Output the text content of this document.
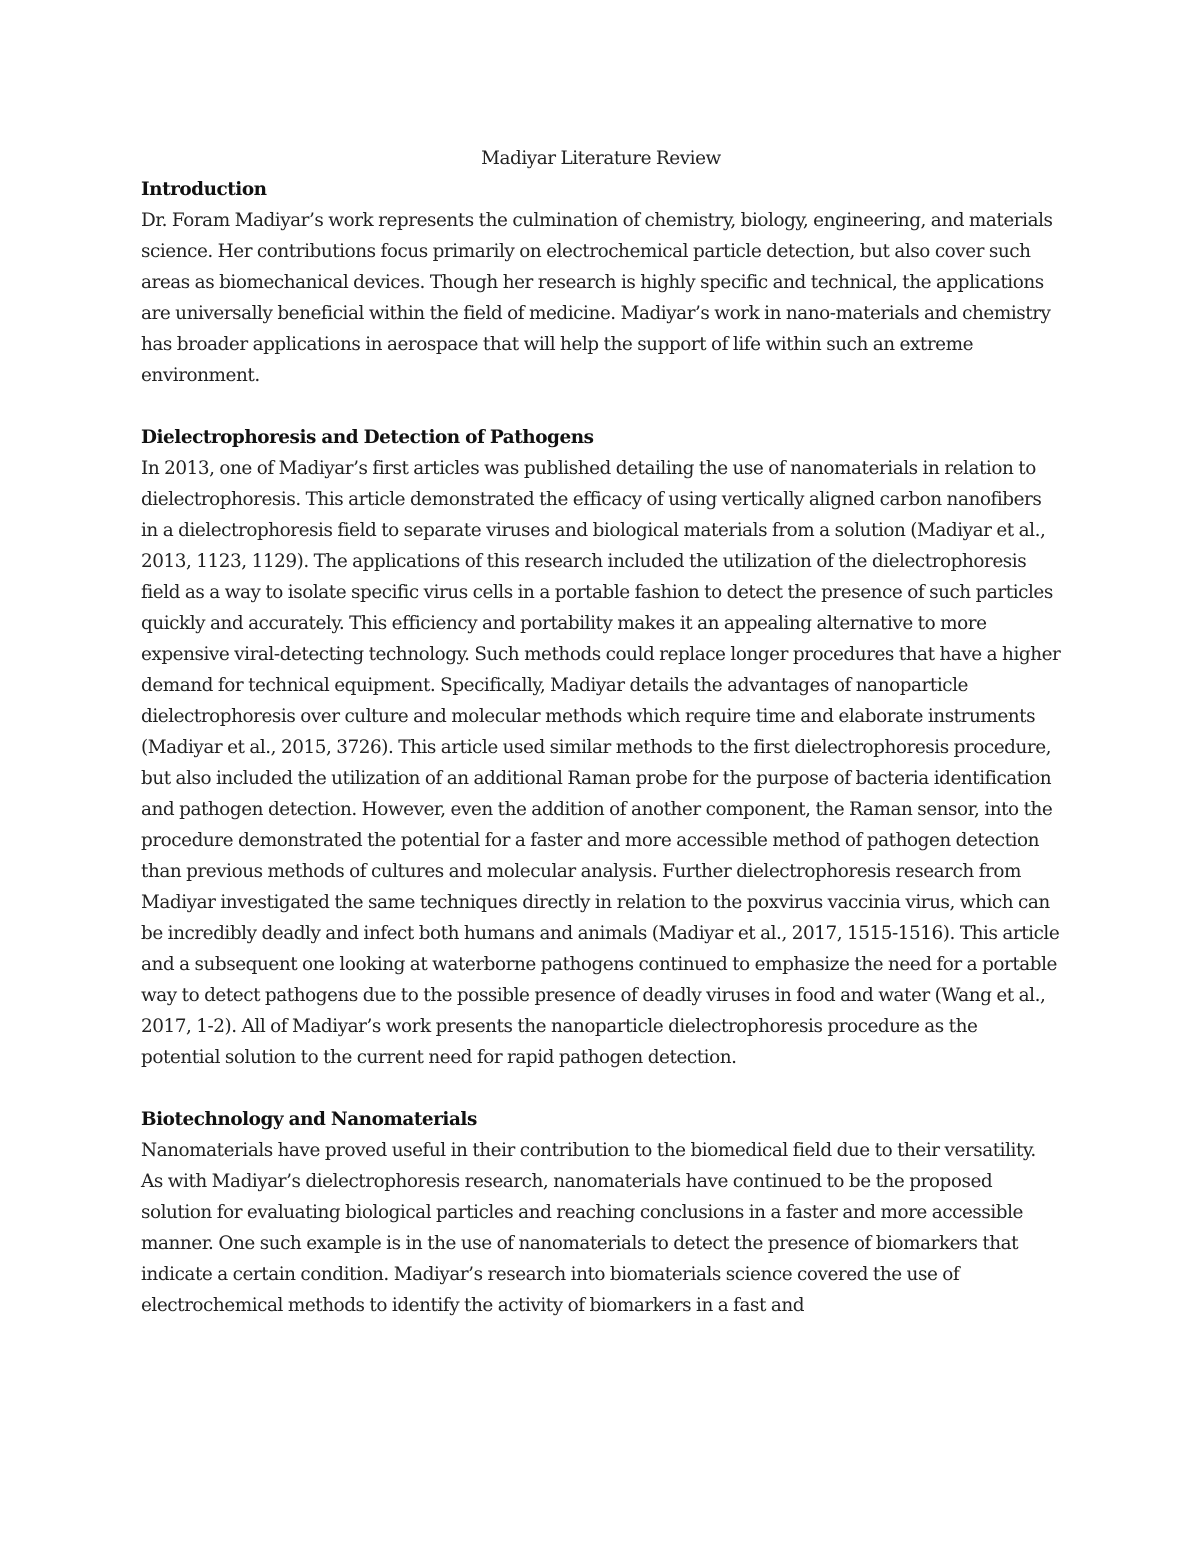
Madiyar Literature Review

Introduction

Dr. Foram Madiyar’s work represents the culmination of chemistry, biology, engineering, and materials science. Her contributions focus primarily on electrochemical particle detection, but also cover such areas as biomechanical devices. Though her research is highly specific and technical, the applications are universally beneficial within the field of medicine. Madiyar’s work in nano-materials and chemistry has broader applications in aerospace that will help the support of life within such an extreme environment.

Dielectrophoresis and Detection of Pathogens

In 2013, one of Madiyar’s first articles was published detailing the use of nanomaterials in relation to dielectrophoresis. This article demonstrated the efficacy of using vertically aligned carbon nanofibers in a dielectrophoresis field to separate viruses and biological materials from a solution (Madiyar et al., 2013, 1123, 1129). The applications of this research included the utilization of the dielectrophoresis field as a way to isolate specific virus cells in a portable fashion to detect the presence of such particles quickly and accurately. This efficiency and portability makes it an appealing alternative to more expensive viral-detecting technology. Such methods could replace longer procedures that have a higher demand for technical equipment. Specifically, Madiyar details the advantages of nanoparticle dielectrophoresis over culture and molecular methods which require time and elaborate instruments (Madiyar et al., 2015, 3726). This article used similar methods to the first dielectrophoresis procedure, but also included the utilization of an additional Raman probe for the purpose of bacteria identification and pathogen detection. However, even the addition of another component, the Raman sensor, into the procedure demonstrated the potential for a faster and more accessible method of pathogen detection than previous methods of cultures and molecular analysis. Further dielectrophoresis research from Madiyar investigated the same techniques directly in relation to the poxvirus vaccinia virus, which can be incredibly deadly and infect both humans and animals (Madiyar et al., 2017, 1515-1516). This article and a subsequent one looking at waterborne pathogens continued to emphasize the need for a portable way to detect pathogens due to the possible presence of deadly viruses in food and water (Wang et al., 2017, 1-2). All of Madiyar’s work presents the nanoparticle dielectrophoresis procedure as the potential solution to the current need for rapid pathogen detection.

Biotechnology and Nanomaterials

Nanomaterials have proved useful in their contribution to the biomedical field due to their versatility. As with Madiyar’s dielectrophoresis research, nanomaterials have continued to be the proposed solution for evaluating biological particles and reaching conclusions in a faster and more accessible manner. One such example is in the use of nanomaterials to detect the presence of biomarkers that indicate a certain condition. Madiyar’s research into biomaterials science covered the use of electrochemical methods to identify the activity of biomarkers in a fast and
